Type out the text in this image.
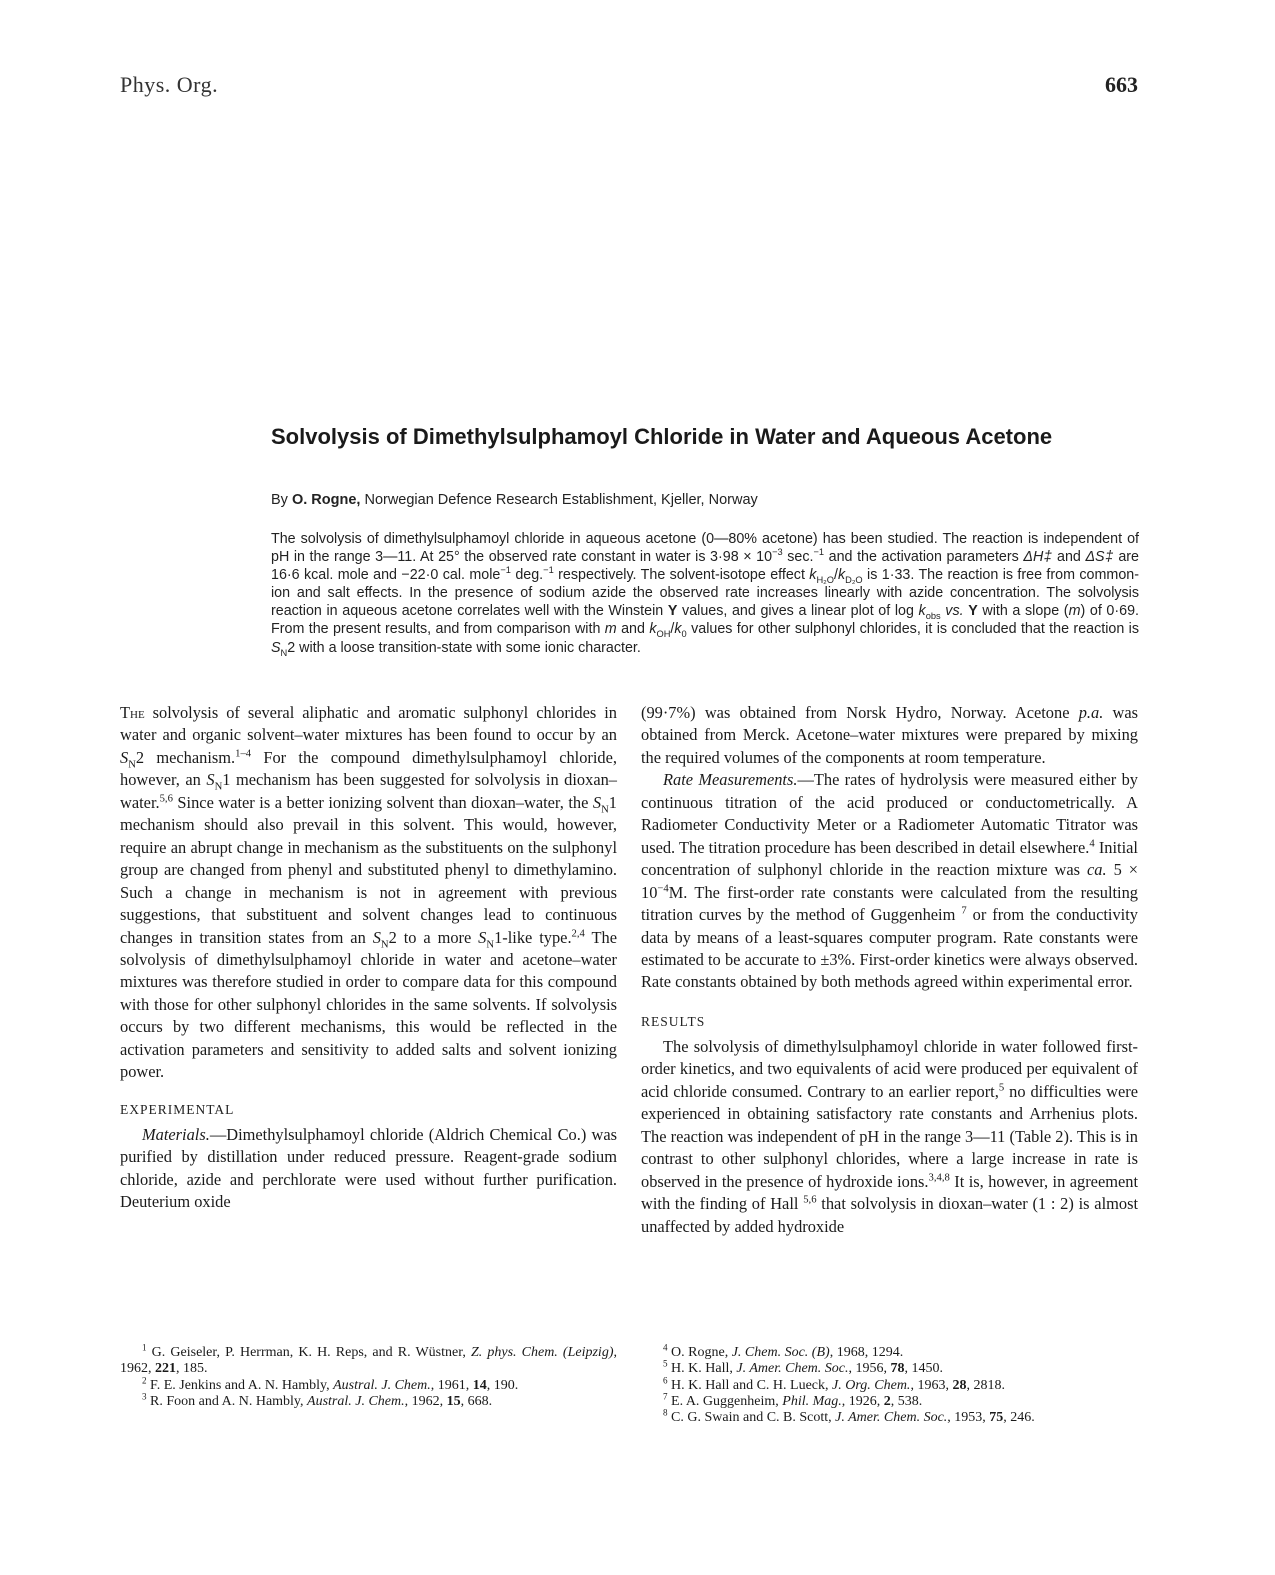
Phys. Org.	663
Solvolysis of Dimethylsulphamoyl Chloride in Water and Aqueous Acetone
By O. Rogne, Norwegian Defence Research Establishment, Kjeller, Norway

The solvolysis of dimethylsulphamoyl chloride in aqueous acetone (0—80% acetone) has been studied. The reaction is independent of pH in the range 3—11. At 25° the observed rate constant in water is $3\cdot 98 \times 10^{-3}$ sec.$^{-1}$ and the activation parameters ΔH‡ and ΔS‡ are 16·6 kcal. mole and −22·0 cal. mole$^{-1}$ deg.$^{-1}$ respectively. The solvent-isotope effect $k_{H_2O}/k_{D_2O}$ is 1·33. The reaction is free from common-ion and salt effects. In the presence of sodium azide the observed rate increases linearly with azide concentration. The solvolysis reaction in aqueous acetone correlates well with the Winstein Y values, and gives a linear plot of $\log k_{obs}$ vs. Y with a slope (m) of 0·69. From the present results, and from comparison with m and $k_{OH}/k_0$ values for other sulphonyl chlorides, it is concluded that the reaction is $S_N2$ with a loose transition-state with some ionic character.

The solvolysis of several aliphatic and aromatic sulphonyl chlorides in water and organic solvent–water mixtures has been found to occur by an $S_N2$ mechanism.$^{1-4}$ For the compound dimethylsulphamoyl chloride, however, an $S_N1$ mechanism has been suggested for solvolysis in dioxan–water.$^{5,6}$ Since water is a better ionizing solvent than dioxan–water, the $S_N1$ mechanism should also prevail in this solvent. This would, however, require an abrupt change in mechanism as the substituents on the sulphonyl group are changed from phenyl and substituted phenyl to dimethylamino. Such a change in mechanism is not in agreement with previous suggestions, that substituent and solvent changes lead to continuous changes in transition states from an $S_N2$ to a more $S_N1$-like type.$^{2,4}$ The solvolysis of dimethylsulphamoyl chloride in water and acetone–water mixtures was therefore studied in order to compare data for this compound with those for other sulphonyl chlorides in the same solvents. If solvolysis occurs by two different mechanisms, this would be reflected in the activation parameters and sensitivity to added salts and solvent ionizing power.

EXPERIMENTAL

Materials.—Dimethylsulphamoyl chloride (Aldrich Chemical Co.) was purified by distillation under reduced pressure. Reagent-grade sodium chloride, azide and perchlorate were used without further purification. Deuterium oxide

$^1$ G. Geiseler, P. Herrman, K. H. Reps, and R. Wüstner, Z. phys. Chem. (Leipzig), 1962, 221, 185.

$^2$ F. E. Jenkins and A. N. Hambly, Austral. J. Chem., 1961, 14, 190.

$^3$ R. Foon and A. N. Hambly, Austral. J. Chem., 1962, 15, 668.

(99·7%) was obtained from Norsk Hydro, Norway. Acetone p.a. was obtained from Merck. Acetone–water mixtures were prepared by mixing the required volumes of the components at room temperature.

Rate Measurements.—The rates of hydrolysis were measured either by continuous titration of the acid produced or conductometrically. A Radiometer Conductivity Meter or a Radiometer Automatic Titrator was used. The titration procedure has been described in detail elsewhere.$^4$ Initial concentration of sulphonyl chloride in the reaction mixture was ca. $5 \times 10^{-4}M$. The first-order rate constants were calculated from the resulting titration curves by the method of Guggenheim $^7$ or from the conductivity data by means of a least-squares computer program. Rate constants were estimated to be accurate to ±3%. First-order kinetics were always observed. Rate constants obtained by both methods agreed within experimental error.

RESULTS

The solvolysis of dimethylsulphamoyl chloride in water followed first-order kinetics, and two equivalents of acid were produced per equivalent of acid chloride consumed. Contrary to an earlier report,$^5$ no difficulties were experienced in obtaining satisfactory rate constants and Arrhenius plots. The reaction was independent of pH in the range 3—11 (Table 2). This is in contrast to other sulphonyl chlorides, where a large increase in rate is observed in the presence of hydroxide ions.$^{3,4,8}$ It is, however, in agreement with the finding of Hall $^{5,6}$ that solvolysis in dioxan–water (1 : 2) is almost unaffected by added hydroxide

$^4$ O. Rogne, J. Chem. Soc. (B), 1968, 1294.

$^5$ H. K. Hall, J. Amer. Chem. Soc., 1956, 78, 1450.

$^6$ H. K. Hall and C. H. Lueck, J. Org. Chem., 1963, 28, 2818.

$^7$ E. A. Guggenheim, Phil. Mag., 1926, 2, 538.

$^8$ C. G. Swain and C. B. Scott, J. Amer. Chem. Soc., 1953, 75, 246.
